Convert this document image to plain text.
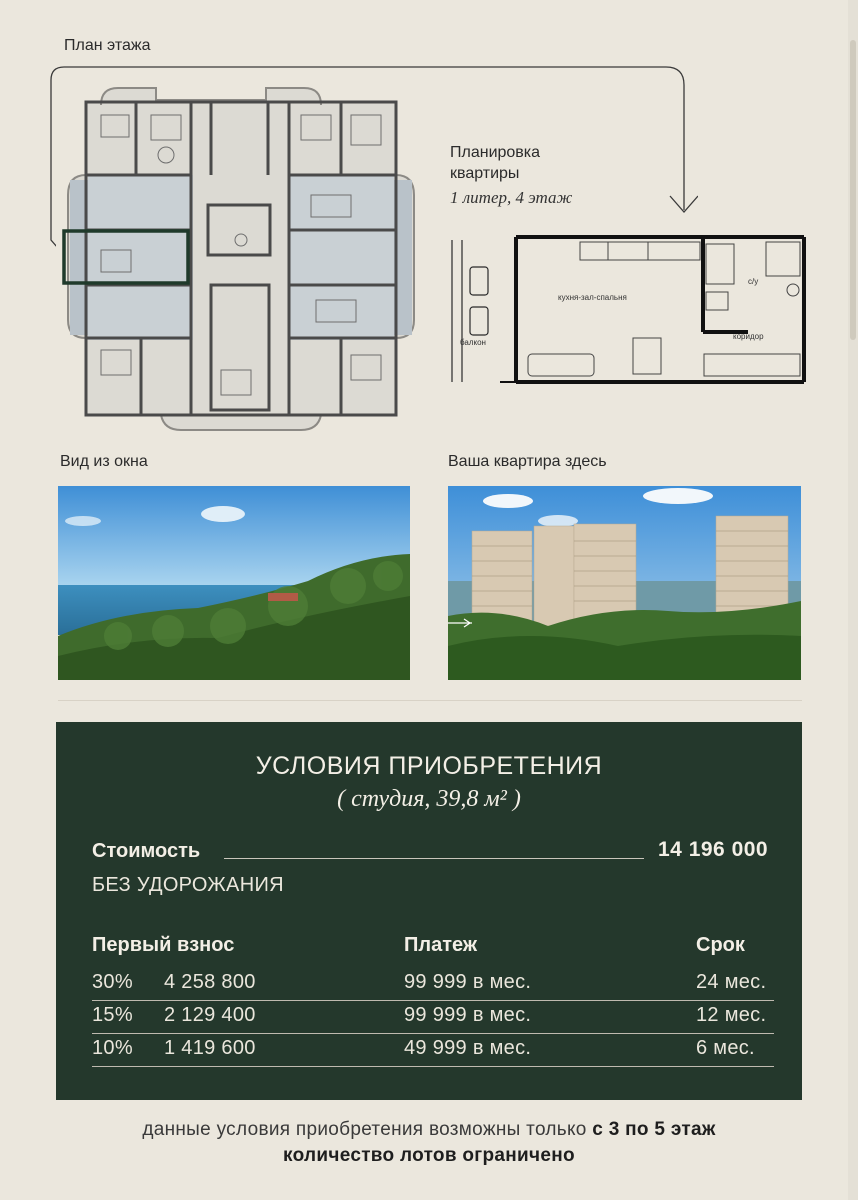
План этажа
Планировка
квартиры
1 литер, 4 этаж
кухня-зал-спальня
с/у
коридор
балкон
Вид из окна	Ваша квартира здесь
УСЛОВИЯ ПРИОБРЕТЕНИЯ
( студия, 39,8 м² )
Стоимость	14 196 000
БЕЗ УДОРОЖАНИЯ
Первый взнос	Платеж	Срок
30% 4 258 800	99 999 в мес.	24 мес.
15% 2 129 400	99 999 в мес.	12 мес.
10% 1 419 600	49 999 в мес.	6 мес.
данные условия приобретения возможны только с 3 по 5 этаж
количество лотов ограничено
